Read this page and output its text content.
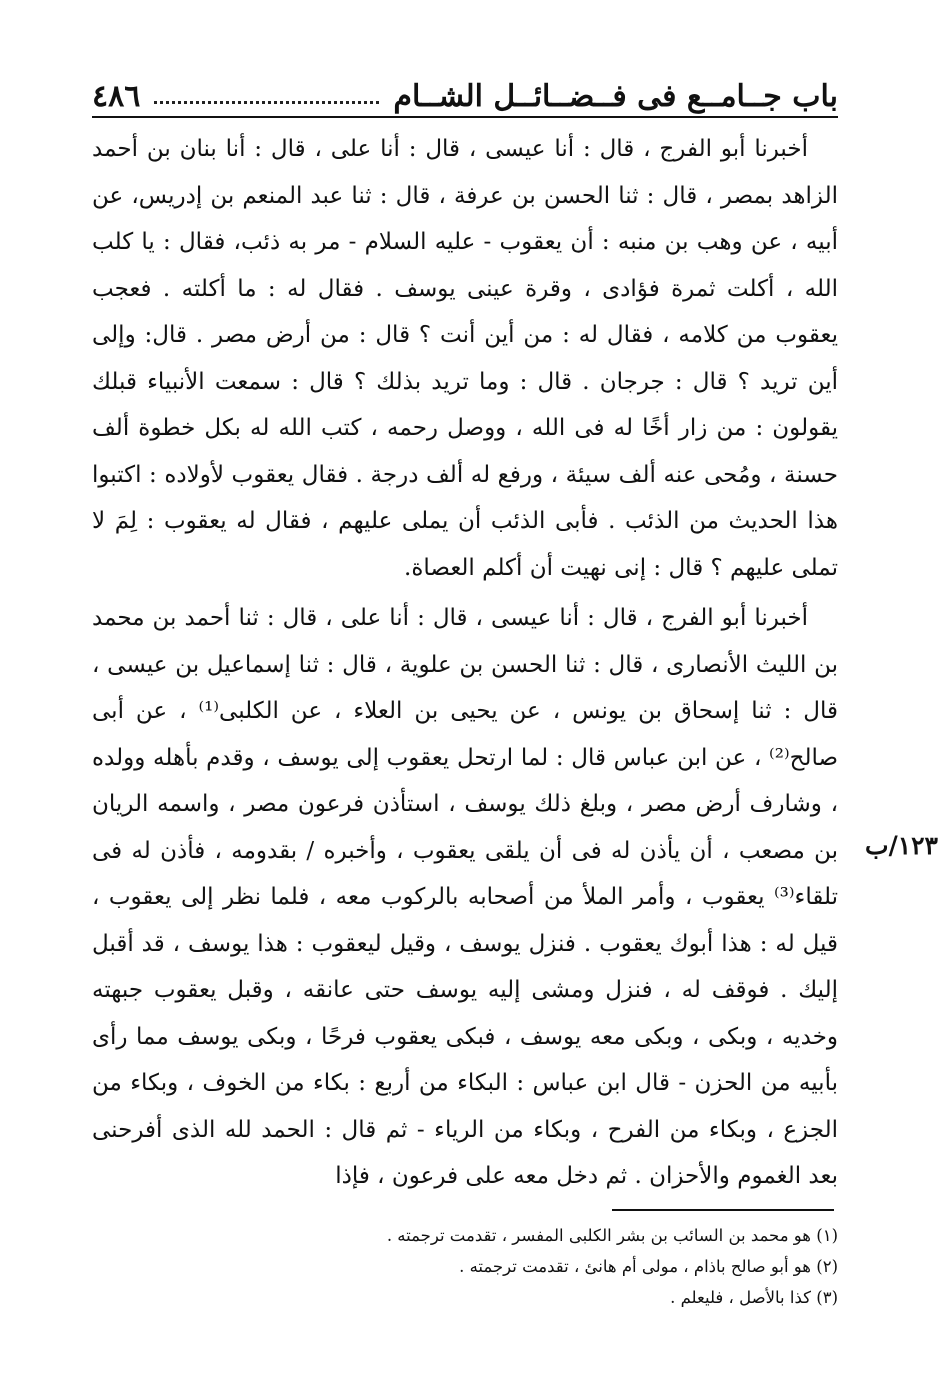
باب جــامــع فى فــضــائــل الشــام
٤٨٦

أخبرنا أبو الفرج ، قال : أنا عيسى ، قال : أنا على ، قال : أنا بنان بن أحمد الزاهد بمصر ، قال : ثنا الحسن بن عرفة ، قال : ثنا عبد المنعم بن إدريس، عن أبيه ، عن وهب بن منبه : أن يعقوب - عليه السلام - مر به ذئب، فقال : يا كلب الله ، أكلت ثمرة فؤادى ، وقرة عينى يوسف . فقال له : ما أكلته . فعجب يعقوب من كلامه ، فقال له : من أين أنت ؟ قال : من أرض مصر . قال: وإلى أين تريد ؟ قال : جرجان . قال : وما تريد بذلك ؟ قال : سمعت الأنبياء قبلك يقولون : من زار أخًا له فى الله ، ووصل رحمه ، كتب الله له بكل خطوة ألف حسنة ، ومُحى عنه ألف سيئة ، ورفع له ألف درجة . فقال يعقوب لأولاده : اكتبوا هذا الحديث من الذئب . فأبى الذئب أن يملى عليهم ، فقال له يعقوب : لِمَ لا تملى عليهم ؟ قال : إنى نهيت أن أكلم العصاة.

أخبرنا أبو الفرج ، قال : أنا عيسى ، قال : أنا على ، قال : ثنا أحمد بن محمد بن الليث الأنصارى ، قال : ثنا الحسن بن علوية ، قال : ثنا إسماعيل بن عيسى ، قال : ثنا إسحاق بن يونس ، عن يحيى بن العلاء ، عن الكلبى⁽¹⁾ ، عن أبى صالح⁽²⁾ ، عن ابن عباس قال : لما ارتحل يعقوب إلى يوسف ، وقدم بأهله وولده ، وشارف أرض مصر ، وبلغ ذلك يوسف ، استأذن فرعون مصر ، واسمه الريان بن مصعب ، أن يأذن له فى أن يلقى يعقوب ، وأخبره / بقدومه ، فأذن له فى تلقاء⁽³⁾ يعقوب ، وأمر الملأ من أصحابه بالركوب معه ، فلما نظر إلى يعقوب ، قيل له : هذا أبوك يعقوب . فنزل يوسف ، وقيل ليعقوب : هذا يوسف ، قد أقبل إليك . فوقف له ، فنزل ومشى إليه يوسف حتى عانقه ، وقبل يعقوب جبهته وخديه ، وبكى ، وبكى معه يوسف ، فبكى يعقوب فرحًا ، وبكى يوسف مما رأى بأبيه من الحزن - قال ابن عباس : البكاء من أربع : بكاء من الخوف ، وبكاء من الجزع ، وبكاء من الفرح ، وبكاء من الرياء - ثم قال : الحمد لله الذى أفرحنى بعد الغموم والأحزان . ثم دخل معه على فرعون ، فإذا

١٢٣/ب

(١) هو محمد بن السائب بن بشر الكلبى المفسر ، تقدمت ترجمته .

(٢) هو أبو صالح باذام ، مولى أم هانئ ، تقدمت ترجمته .

(٣) كذا بالأصل ، فليعلم .
